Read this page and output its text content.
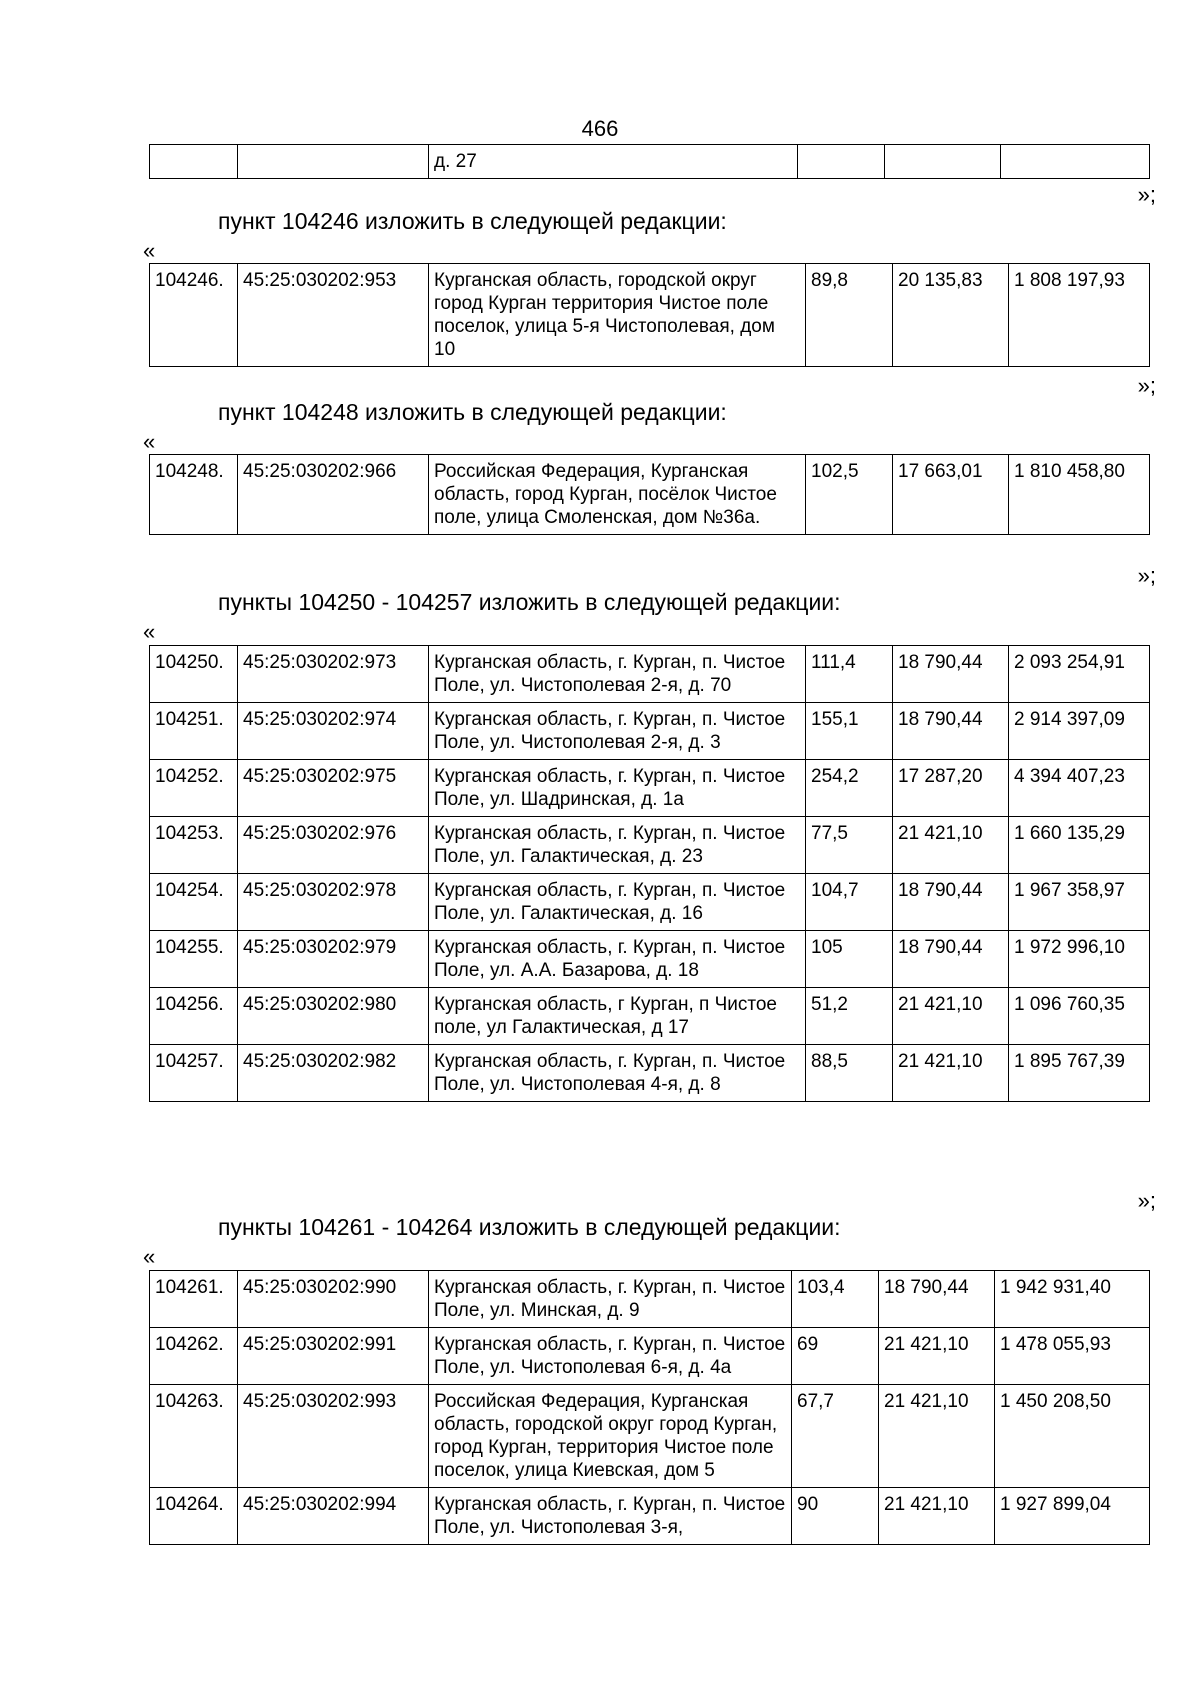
466
		д. 27			
»;
пункт 104246 изложить в следующей редакции:
«
104246.	45:25:030202:953	Курганская область, городской округ город Курган территория Чистое поле поселок, улица 5-я Чистополевая, дом 10	89,8	20 135,83	1 808 197,93
»;
пункт 104248 изложить в следующей редакции:
«
104248.	45:25:030202:966	Российская Федерация, Курганская область, город Курган, посёлок Чистое поле, улица Смоленская, дом №36а.	102,5	17 663,01	1 810 458,80
»;
пункты 104250 - 104257 изложить в следующей редакции:
«
104250.	45:25:030202:973	Курганская область, г. Курган, п. Чистое Поле, ул. Чистополевая 2-я, д. 70	111,4	18 790,44	2 093 254,91
104251.	45:25:030202:974	Курганская область, г. Курган, п. Чистое Поле, ул. Чистополевая 2-я, д. 3	155,1	18 790,44	2 914 397,09
104252.	45:25:030202:975	Курганская область, г. Курган, п. Чистое Поле, ул. Шадринская, д. 1а	254,2	17 287,20	4 394 407,23
104253.	45:25:030202:976	Курганская область, г. Курган, п. Чистое Поле, ул. Галактическая, д. 23	77,5	21 421,10	1 660 135,29
104254.	45:25:030202:978	Курганская область, г. Курган, п. Чистое Поле, ул. Галактическая, д. 16	104,7	18 790,44	1 967 358,97
104255.	45:25:030202:979	Курганская область, г. Курган, п. Чистое Поле, ул. А.А. Базарова, д. 18	105	18 790,44	1 972 996,10
104256.	45:25:030202:980	Курганская область, г Курган, п Чистое поле, ул Галактическая, д 17	51,2	21 421,10	1 096 760,35
104257.	45:25:030202:982	Курганская область, г. Курган, п. Чистое Поле, ул. Чистополевая 4-я, д. 8	88,5	21 421,10	1 895 767,39
»;
пункты 104261 - 104264 изложить в следующей редакции:
«
104261.	45:25:030202:990	Курганская область, г. Курган, п. Чистое Поле, ул. Минская, д. 9	103,4	18 790,44	1 942 931,40
104262.	45:25:030202:991	Курганская область, г. Курган, п. Чистое Поле, ул. Чистополевая 6-я, д. 4а	69	21 421,10	1 478 055,93
104263.	45:25:030202:993	Российская Федерация, Курганская область, городской округ город Курган, город Курган, территория Чистое поле поселок, улица Киевская, дом 5	67,7	21 421,10	1 450 208,50
104264.	45:25:030202:994	Курганская область, г. Курган, п. Чистое Поле, ул. Чистополевая 3-я,	90	21 421,10	1 927 899,04
